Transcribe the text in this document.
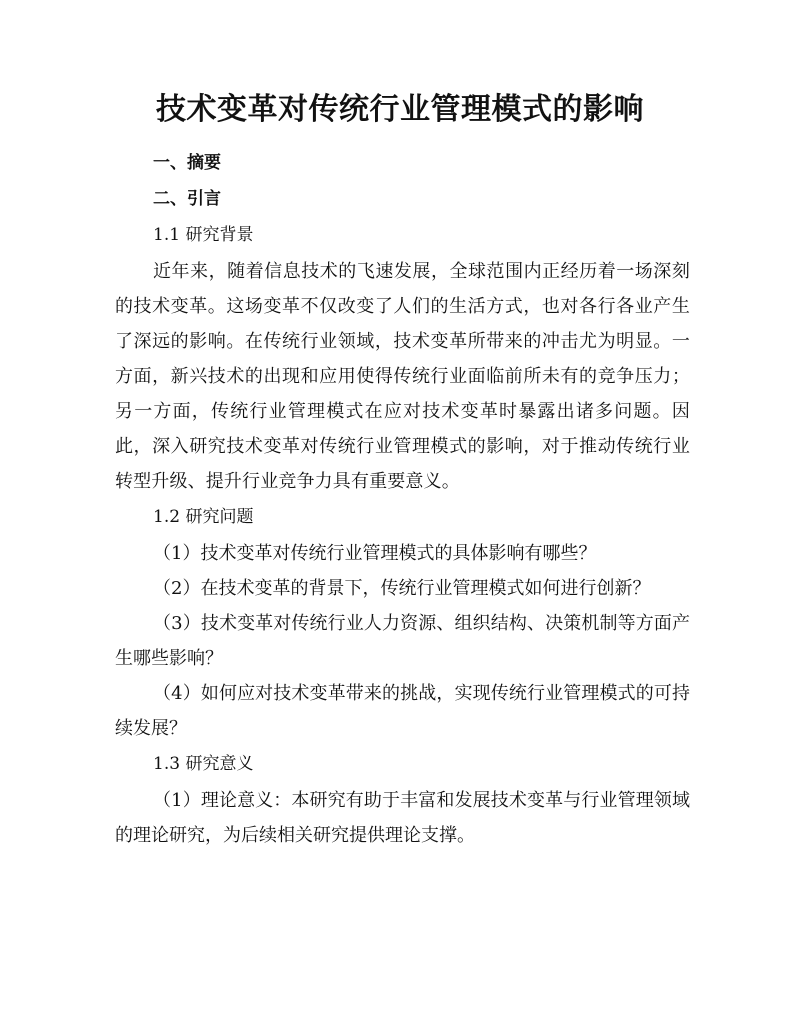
技术变革对传统行业管理模式的影响

一、摘要

二、引言

1.1 研究背景

近年来，随着信息技术的飞速发展，全球范围内正经历着一场深刻的技术变革。这场变革不仅改变了人们的生活方式，也对各行各业产生了深远的影响。在传统行业领域，技术变革所带来的冲击尤为明显。一方面，新兴技术的出现和应用使得传统行业面临前所未有的竞争压力；另一方面，传统行业管理模式在应对技术变革时暴露出诸多问题。因此，深入研究技术变革对传统行业管理模式的影响，对于推动传统行业转型升级、提升行业竞争力具有重要意义。

1.2 研究问题

（1）技术变革对传统行业管理模式的具体影响有哪些？

（2）在技术变革的背景下，传统行业管理模式如何进行创新？

（3）技术变革对传统行业人力资源、组织结构、决策机制等方面产生哪些影响？

（4）如何应对技术变革带来的挑战，实现传统行业管理模式的可持续发展？

1.3 研究意义

（1）理论意义：本研究有助于丰富和发展技术变革与行业管理领域的理论研究，为后续相关研究提供理论支撑。
